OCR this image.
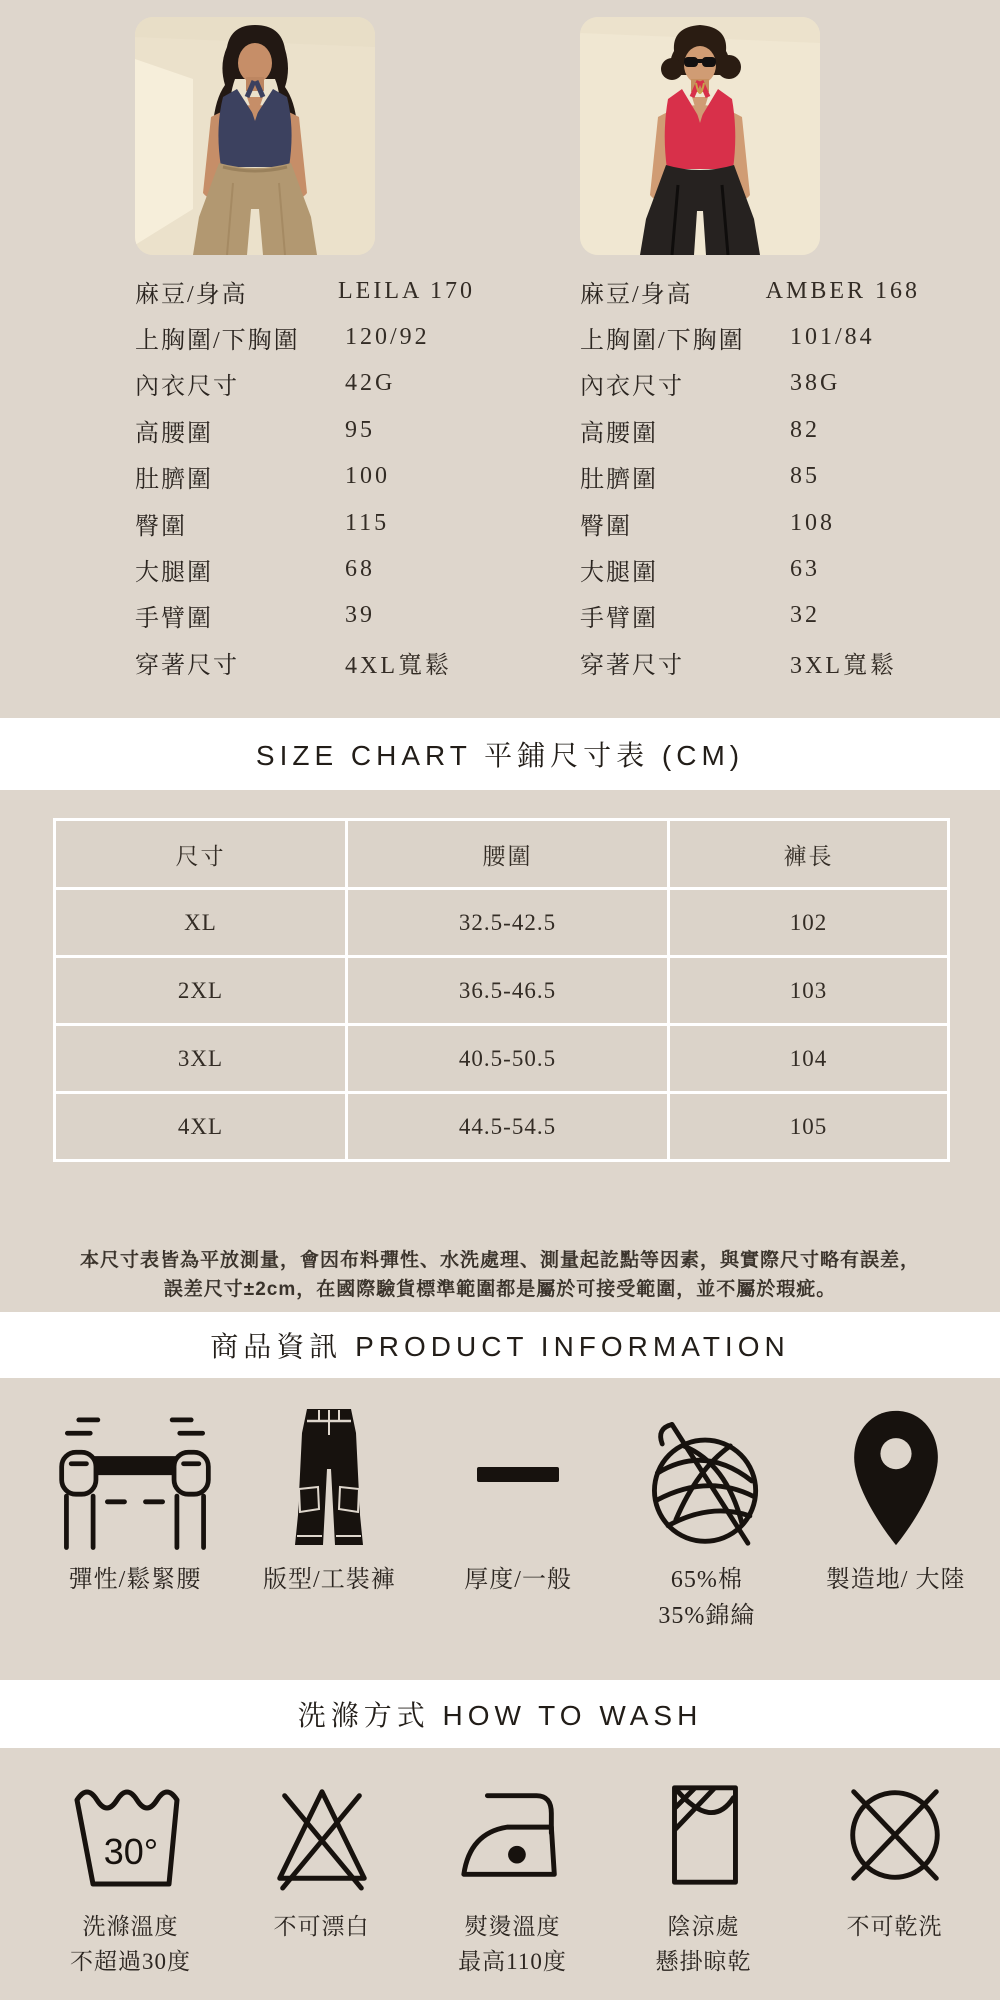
麻豆/身高	LEILA 170
上胸圍/下胸圍	120/92
內衣尺寸	42G
高腰圍	95
肚臍圍	100
臀圍	115
大腿圍	68
手臂圍	39
穿著尺寸	4XL寬鬆
麻豆/身高	AMBER 168
上胸圍/下胸圍	101/84
內衣尺寸	38G
高腰圍	82
肚臍圍	85
臀圍	108
大腿圍	63
手臂圍	32
穿著尺寸	3XL寬鬆
SIZE CHART 平鋪尺寸表 (CM)
尺寸	腰圍	褲長
XL	32.5-42.5	102
2XL	36.5-46.5	103
3XL	40.5-50.5	104
4XL	44.5-54.5	105
本尺寸表皆為平放測量，會因布料彈性、水洗處理、測量起訖點等因素，與實際尺寸略有誤差，
誤差尺寸±2cm，在國際驗貨標準範圍都是屬於可接受範圍，並不屬於瑕疵。
商品資訊 PRODUCT INFORMATION
彈性/鬆緊腰	版型/工裝褲	厚度/一般	65%棉
35%錦綸
製造地/ 大陸
洗滌方式 HOW TO WASH
30°
洗滌溫度
不超過30度
不可漂白	熨燙溫度
最高110度
陰涼處
懸掛晾乾
不可乾洗
